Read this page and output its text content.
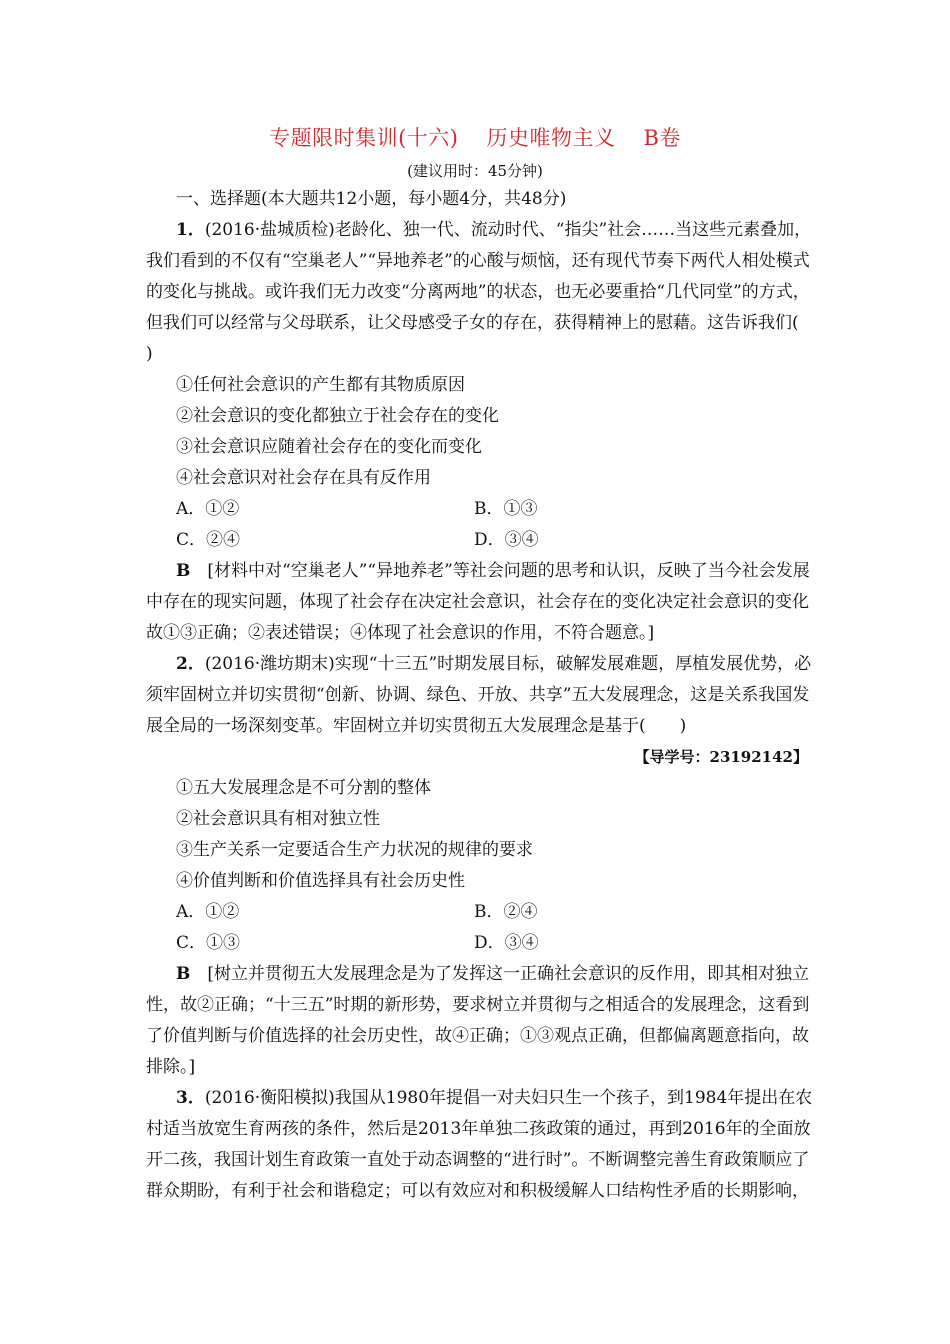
专题限时集训(十六) 历史唯物主义 B卷
(建议用时：45分钟)
一、选择题(本大题共12小题，每小题4分，共48分)
1．(2016·盐城质检)老龄化、独一代、流动时代、“指尖”社会……当这些元素叠加，
我们看到的不仅有“空巢老人”“异地养老”的心酸与烦恼，还有现代节奏下两代人相处模式
的变化与挑战。或许我们无力改变“分离两地”的状态，也无必要重拾“几代同堂”的方式，
但我们可以经常与父母联系，让父母感受子女的存在，获得精神上的慰藉。这告诉我们(
)
①任何社会意识的产生都有其物质原因
②社会意识的变化都独立于社会存在的变化
③社会意识应随着社会存在的变化而变化
④社会意识对社会存在具有反作用
A．①②	B．①③
C．②④	D．③④
B　 [材料中对“空巢老人”“异地养老”等社会问题的思考和认识，反映了当今社会发展
中存在的现实问题，体现了社会存在决定社会意识，社会存在的变化决定社会意识的变化
故①③正确；②表述错误；④体现了社会意识的作用，不符合题意。]
2．(2016·潍坊期末)实现“十三五”时期发展目标，破解发展难题，厚植发展优势，必
须牢固树立并切实贯彻“创新、协调、绿色、开放、共享”五大发展理念，这是关系我国发
展全局的一场深刻变革。牢固树立并切实贯彻五大发展理念是基于(　　)
【导学号：23192142】
①五大发展理念是不可分割的整体
②社会意识具有相对独立性
③生产关系一定要适合生产力状况的规律的要求
④价值判断和价值选择具有社会历史性
A．①②	B．②④
C．①③	D．③④
B　 [树立并贯彻五大发展理念是为了发挥这一正确社会意识的反作用，即其相对独立
性，故②正确；“十三五”时期的新形势，要求树立并贯彻与之相适合的发展理念，这看到
了价值判断与价值选择的社会历史性，故④正确；①③观点正确，但都偏离题意指向，故
排除。]
3．(2016·衡阳模拟)我国从1980年提倡一对夫妇只生一个孩子，到1984年提出在农
村适当放宽生育两孩的条件，然后是2013年单独二孩政策的通过，再到2016年的全面放
开二孩，我国计划生育政策一直处于动态调整的“进行时”。不断调整完善生育政策顺应了
群众期盼，有利于社会和谐稳定；可以有效应对和积极缓解人口结构性矛盾的长期影响，
